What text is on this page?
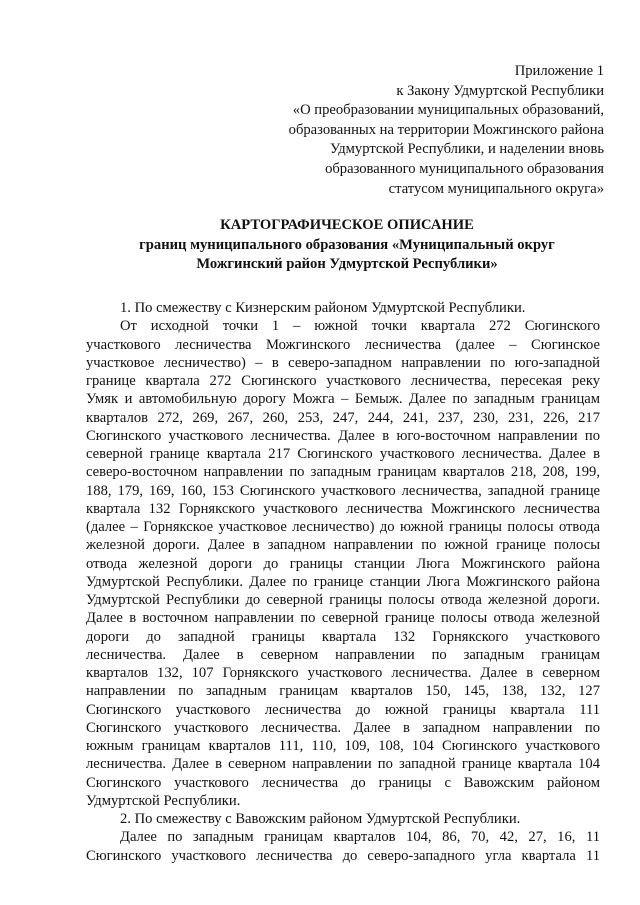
Приложение 1
к Закону Удмуртской Республики
«О преобразовании муниципальных образований,
образованных на территории Можгинского района
Удмуртской Республики, и наделении вновь
образованного муниципального образования
статусом муниципального округа»
КАРТОГРАФИЧЕСКОЕ ОПИСАНИЕ
границ муниципального образования «Муниципальный округ
Можгинский район Удмуртской Республики»
1. По смежеству с Кизнерским районом Удмуртской Республики.
От исходной точки 1 – южной точки квартала 272 Сюгинского
участкового лесничества Можгинского лесничества (далее – Сюгинское
участковое лесничество) – в северо-западном направлении по юго-западной
границе квартала 272 Сюгинского участкового лесничества, пересекая реку
Умяк и автомобильную дорогу Можга – Бемыж. Далее по западным границам
кварталов 272, 269, 267, 260, 253, 247, 244, 241, 237, 230, 231, 226, 217
Сюгинского участкового лесничества. Далее в юго-восточном направлении по
северной границе квартала 217 Сюгинского участкового лесничества. Далее в
северо-восточном направлении по западным границам кварталов 218, 208, 199,
188, 179, 169, 160, 153 Сюгинского участкового лесничества, западной границе
квартала 132 Горнякского участкового лесничества Можгинского лесничества
(далее – Горнякское участковое лесничество) до южной границы полосы отвода
железной дороги. Далее в западном направлении по южной границе полосы
отвода железной дороги до границы станции Люга Можгинского района
Удмуртской Республики. Далее по границе станции Люга Можгинского района
Удмуртской Республики до северной границы полосы отвода железной дороги.
Далее в восточном направлении по северной границе полосы отвода железной
дороги до западной границы квартала 132 Горнякского участкового
лесничества. Далее в северном направлении по западным границам
кварталов 132, 107 Горнякского участкового лесничества. Далее в северном
направлении по западным границам кварталов 150, 145, 138, 132, 127
Сюгинского участкового лесничества до южной границы квартала 111
Сюгинского участкового лесничества. Далее в западном направлении по
южным границам кварталов 111, 110, 109, 108, 104 Сюгинского участкового
лесничества. Далее в северном направлении по западной границе квартала 104
Сюгинского участкового лесничества до границы с Вавожским районом
Удмуртской Республики.
2. По смежеству с Вавожским районом Удмуртской Республики.
Далее по западным границам кварталов 104, 86, 70, 42, 27, 16, 11
Сюгинского участкового лесничества до северо-западного угла квартала 11
